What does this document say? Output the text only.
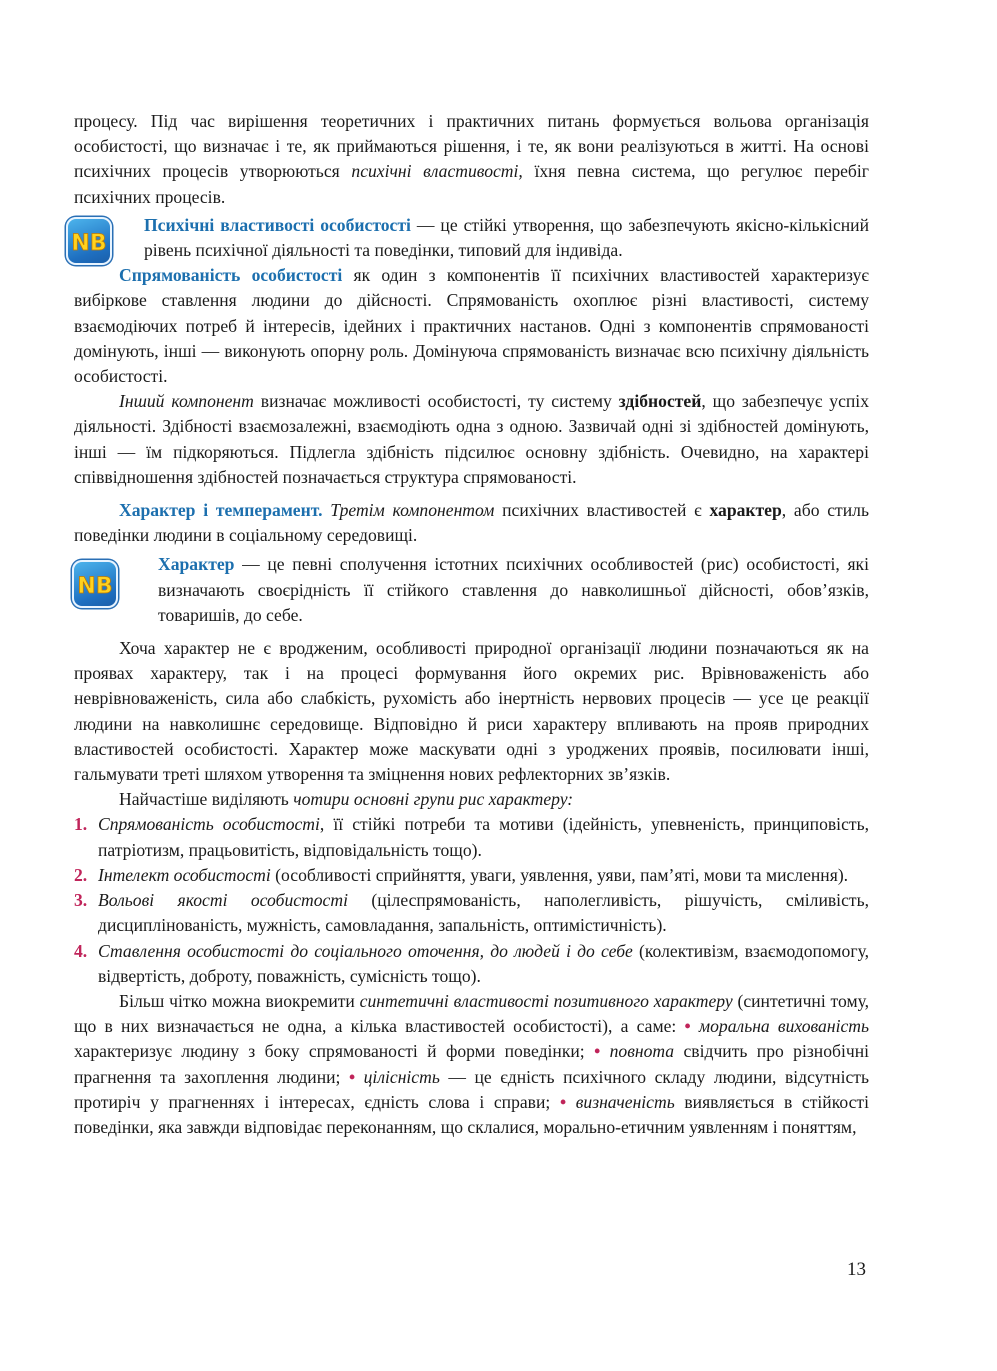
процесу. Під час вирішення теоретичних і практичних питань формується вольова організація особистості, що визначає і те, як приймаються рішення, і те, як вони реалізуються в житті. На основі психічних процесів утворюються психічні властивості, їхня певна система, що регулює перебіг психічних процесів.

NB

Психічні властивості особистості — це стійкі утворення, що забезпечують якісно-кількісний рівень психічної діяльності та поведінки, типовий для індивіда.

Спрямованість особистості як один з компонентів її психічних властивостей характеризує вибіркове ставлення людини до дійсності. Спрямованість охоплює різні властивості, систему взаємодіючих потреб й інтересів, ідейних і практичних настанов. Одні з компонентів спрямованості домінують, інші — виконують опорну роль. Домінуюча спрямованість визначає всю психічну діяльність особистості.

Інший компонент визначає можливості особистості, ту систему здібностей, що забезпечує успіх діяльності. Здібності взаємозалежні, взаємодіють одна з одною. Зазвичай одні зі здібностей домінують, інші — їм підкоряються. Підлегла здібність підсилює основну здібність. Очевидно, на характері співвідношення здібностей позначається структура спрямованості.

Характер і темперамент. Третім компонентом психічних властивостей є характер, або стиль поведінки людини в соціальному середовищі.

NB

Характер — це певні сполучення істотних психічних особливостей (рис) особистості, які визначають своєрідність її стійкого ставлення до навколишньої дійсності, обов’язків, товаришів, до себе.

Хоча характер не є вродженим, особливості природної організації людини позначаються як на проявах характеру, так і на процесі формування його окремих рис. Врівноваженість або неврівноваженість, сила або слабкість, рухомість або інертність нервових процесів — усе це реакції людини на навколишнє середовище. Відповідно й риси характеру впливають на прояв природних властивостей особистості. Характер може маскувати одні з уроджених проявів, посилювати інші, гальмувати треті шляхом утворення та зміцнення нових рефлекторних зв’язків.

Найчастіше виділяють чотири основні групи рис характеру:

1. Спрямованість особистості, її стійкі потреби та мотиви (ідейність, упевненість, принциповість, патріотизм, працьовитість, відповідальність тощо).

2. Інтелект особистості (особливості сприйняття, уваги, уявлення, уяви, пам’яті, мови та мислення).

3. Вольові якості особистості (цілеспрямованість, наполегливість, рішучість, сміливість, дисциплінованість, мужність, самовладання, запальність, оптимістичність).

4. Ставлення особистості до соціального оточення, до людей і до себе (колективізм, взаємодопомогу, відвертість, доброту, поважність, сумісність тощо).

Більш чітко можна виокремити синтетичні властивості позитивного характеру (синтетичні тому, що в них визначається не одна, а кілька властивостей особистості), а саме: • моральна вихованість характеризує людину з боку спрямованості й форми поведінки; • повнота свідчить про різнобічні прагнення та захоплення людини; • цілісність — це єдність психічного складу людини, відсутність протиріч у прагненнях і інтересах, єдність слова і справи; • визначеність виявляється в стійкості поведінки, яка завжди відповідає переконанням, що склалися, морально-етичним уявленням і поняттям,

13
